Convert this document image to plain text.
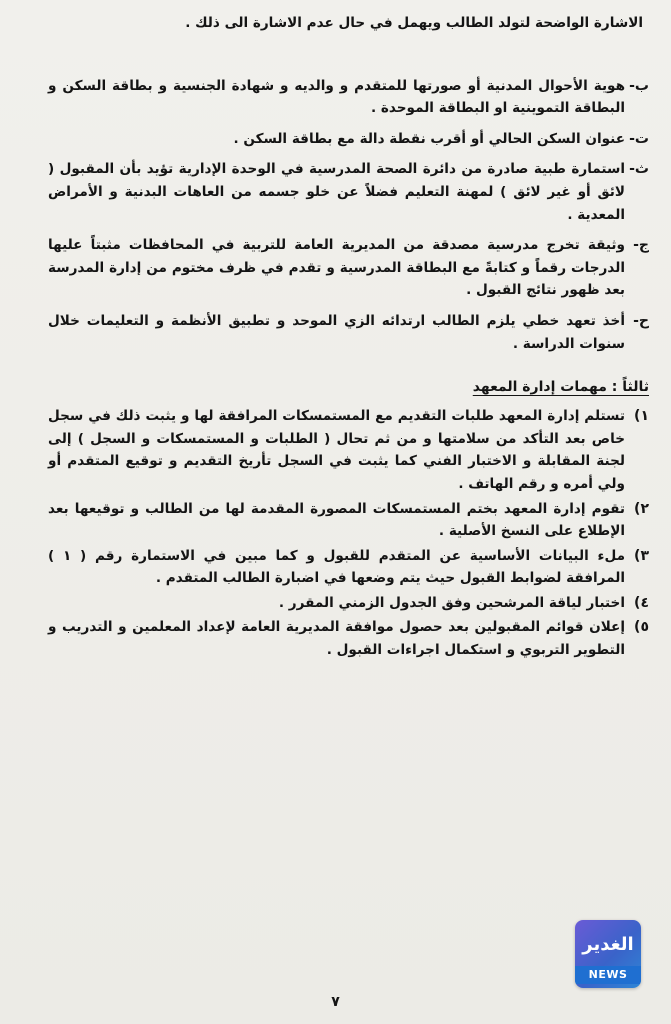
الاشارة الواضحة لتولد الطالب ويهمل في حال عدم الاشارة الى ذلك .
ب-
هوية الأحوال المدنية أو صورتها للمتقدم و والديه و شهادة الجنسية و بطاقة السكن و البطاقة التموينية او البطاقة الموحدة .
ت-
عنوان السكن الحالي أو أقرب نقطة دالة مع بطاقة السكن .
ث-
استمارة طبية صادرة من دائرة الصحة المدرسية في الوحدة الإدارية تؤيد بأن المقبول ( لائق أو غير لائق ) لمهنة التعليم فضلاً عن خلو جسمه من العاهات البدنية و الأمراض المعدية .
ج-
وثيقة تخرج مدرسية مصدقة من المديرية العامة للتربية في المحافظات مثبتاً عليها الدرجات رقماً و كتابةً مع البطاقة المدرسية و تقدم في ظرف مختوم من إدارة المدرسة بعد ظهور نتائج القبول .
ح-
أخذ تعهد خطي يلزم الطالب ارتدائه الزي الموحد و تطبيق الأنظمة و التعليمات خلال سنوات الدراسة .
ثالثاً : مهمات إدارة المعهد
١)
تستلم إدارة المعهد طلبات التقديم مع المستمسكات المرافقة لها و يثبت ذلك في سجل خاص بعد التأكد من سلامتها و من ثم تحال ( الطلبات و المستمسكات و السجل ) إلى لجنة المقابلة و الاختبار الفني كما يثبت في السجل تأريخ التقديم و توقيع المتقدم أو ولي أمره و رقم الهاتف .
٢)
تقوم إدارة المعهد بختم المستمسكات المصورة المقدمة لها من الطالب و توقيعها بعد الإطلاع على النسخ الأصلية .
٣)
ملء البيانات الأساسية عن المتقدم للقبول و كما مبين في الاستمارة رقم ( ١ ) المرافقة لضوابط القبول حيث يتم وضعها في اضبارة الطالب المتقدم .
٤)
اختبار لياقة المرشحين وفق الجدول الزمني المقرر .
٥)
إعلان قوائم المقبولين بعد حصول موافقة المديرية العامة لإعداد المعلمين و التدريب و التطوير التربوي و استكمال اجراءات القبول .
٧
الغدير
NEWS
